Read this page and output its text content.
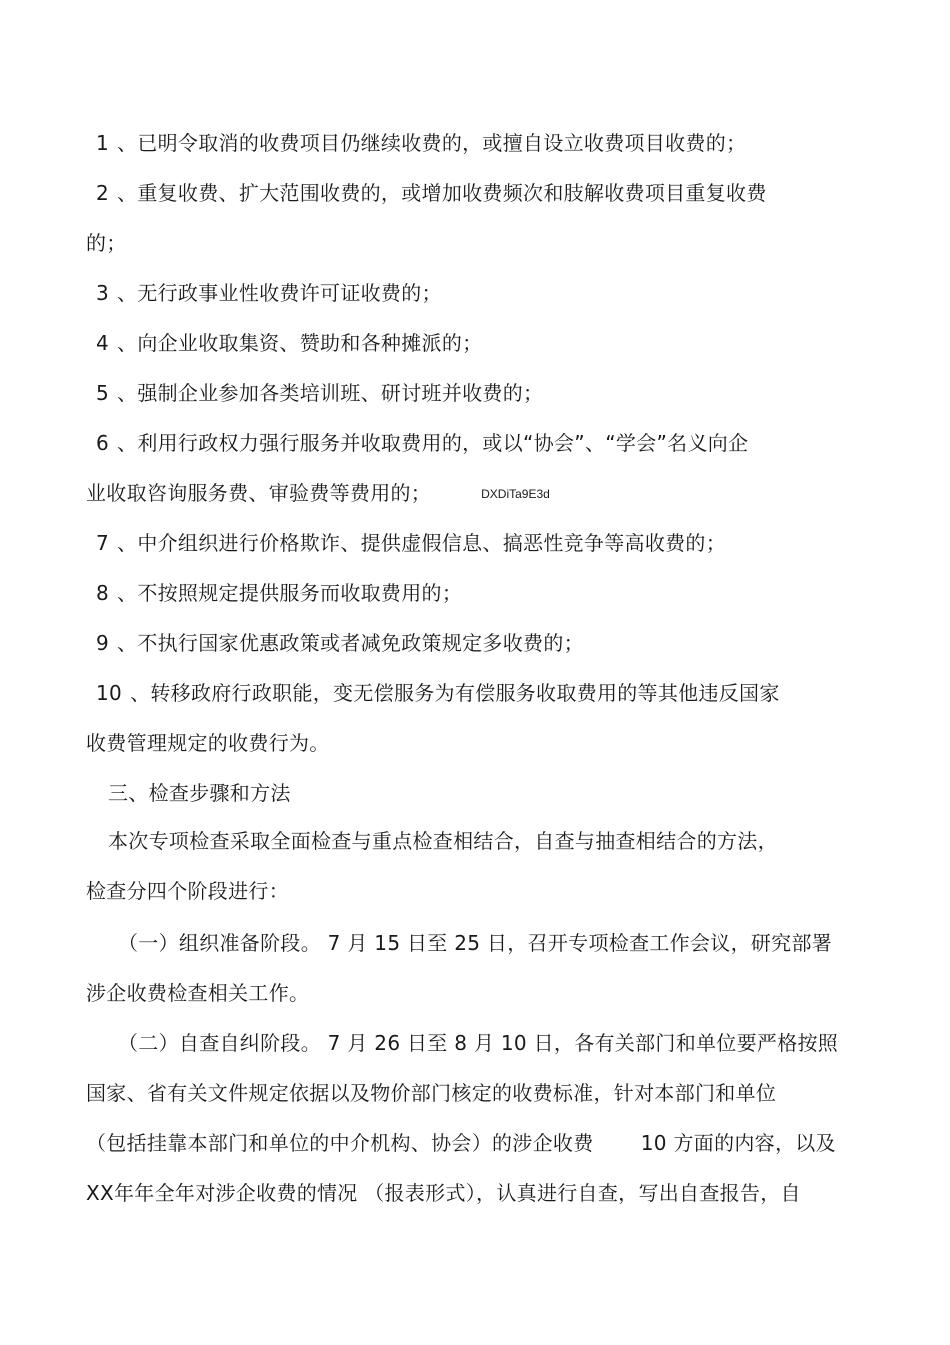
1 、已明令取消的收费项目仍继续收费的，或擅自设立收费项目收费的；
2 、重复收费、扩大范围收费的，或增加收费频次和肢解收费项目重复收费
的；
3 、无行政事业性收费许可证收费的；
4 、向企业收取集资、赞助和各种摊派的；
5 、强制企业参加各类培训班、研讨班并收费的；
6 、利用行政权力强行服务并收取费用的，或以“协会”、“学会”名义向企
业收取咨询服务费、审验费等费用的；	DXDiTa9E3d
7 、中介组织进行价格欺诈、提供虚假信息、搞恶性竞争等高收费的；
8 、不按照规定提供服务而收取费用的；
9 、不执行国家优惠政策或者减免政策规定多收费的；
10 、转移政府行政职能，变无偿服务为有偿服务收取费用的等其他违反国家
收费管理规定的收费行为。
三、检查步骤和方法
本次专项检查采取全面检查与重点检查相结合，自查与抽查相结合的方法，
检查分四个阶段进行：
（一）组织准备阶段。 7 月 15 日至 25 日，召开专项检查工作会议，研究部署
涉企收费检查相关工作。
（二）自查自纠阶段。 7 月 26 日至 8 月 10 日，各有关部门和单位要严格按照
国家、省有关文件规定依据以及物价部门核定的收费标准，针对本部门和单位
（包括挂靠本部门和单位的中介机构、协会）的涉企收费 　　10 方面的内容，以及
XX年年全年对涉企收费的情况 （报表形式），认真进行自查，写出自查报告，自
